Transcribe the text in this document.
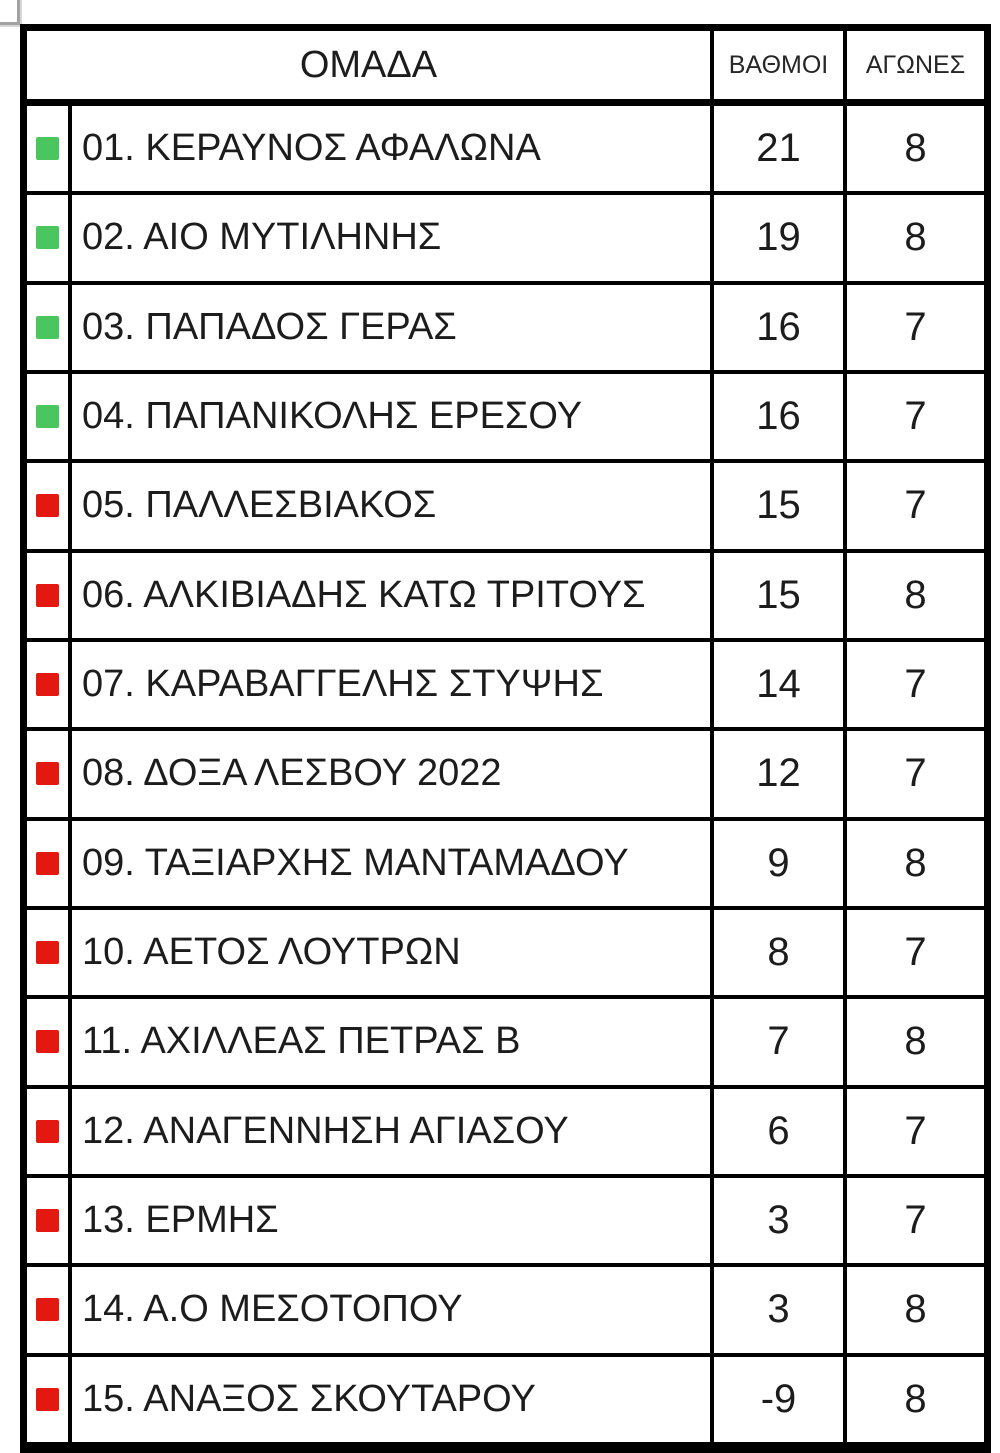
ΟΜΑΔΑ	ΒΑΘΜΟΙ	ΑΓΩΝΕΣ
01. ΚΕΡΑΥΝΟΣ ΑΦΑΛΩΝΑ	21	8
02. ΑΙΟ ΜΥΤΙΛΗΝΗΣ	19	8
03. ΠΑΠΑΔΟΣ ΓΕΡΑΣ	16	7
04. ΠΑΠΑΝΙΚΟΛΗΣ ΕΡΕΣΟΥ	16	7
05. ΠΑΛΛΕΣΒΙΑΚΟΣ	15	7
06. ΑΛΚΙΒΙΑΔΗΣ ΚΑΤΩ ΤΡΙΤΟΥΣ	15	8
07. ΚΑΡΑΒΑΓΓΕΛΗΣ ΣΤΥΨΗΣ	14	7
08. ΔΟΞΑ ΛΕΣΒΟΥ 2022	12	7
09. ΤΑΞΙΑΡΧΗΣ ΜΑΝΤΑΜΑΔΟΥ	9	8
10. ΑΕΤΟΣ ΛΟΥΤΡΩΝ	8	7
11. ΑΧΙΛΛΕΑΣ ΠΕΤΡΑΣ Β	7	8
12. ΑΝΑΓΕΝΝΗΣΗ ΑΓΙΑΣΟΥ	6	7
13. ΕΡΜΗΣ	3	7
14. Α.Ο ΜΕΣΟΤΟΠΟΥ	3	8
15. ΑΝΑΞΟΣ ΣΚΟΥΤΑΡΟΥ	-9	8
